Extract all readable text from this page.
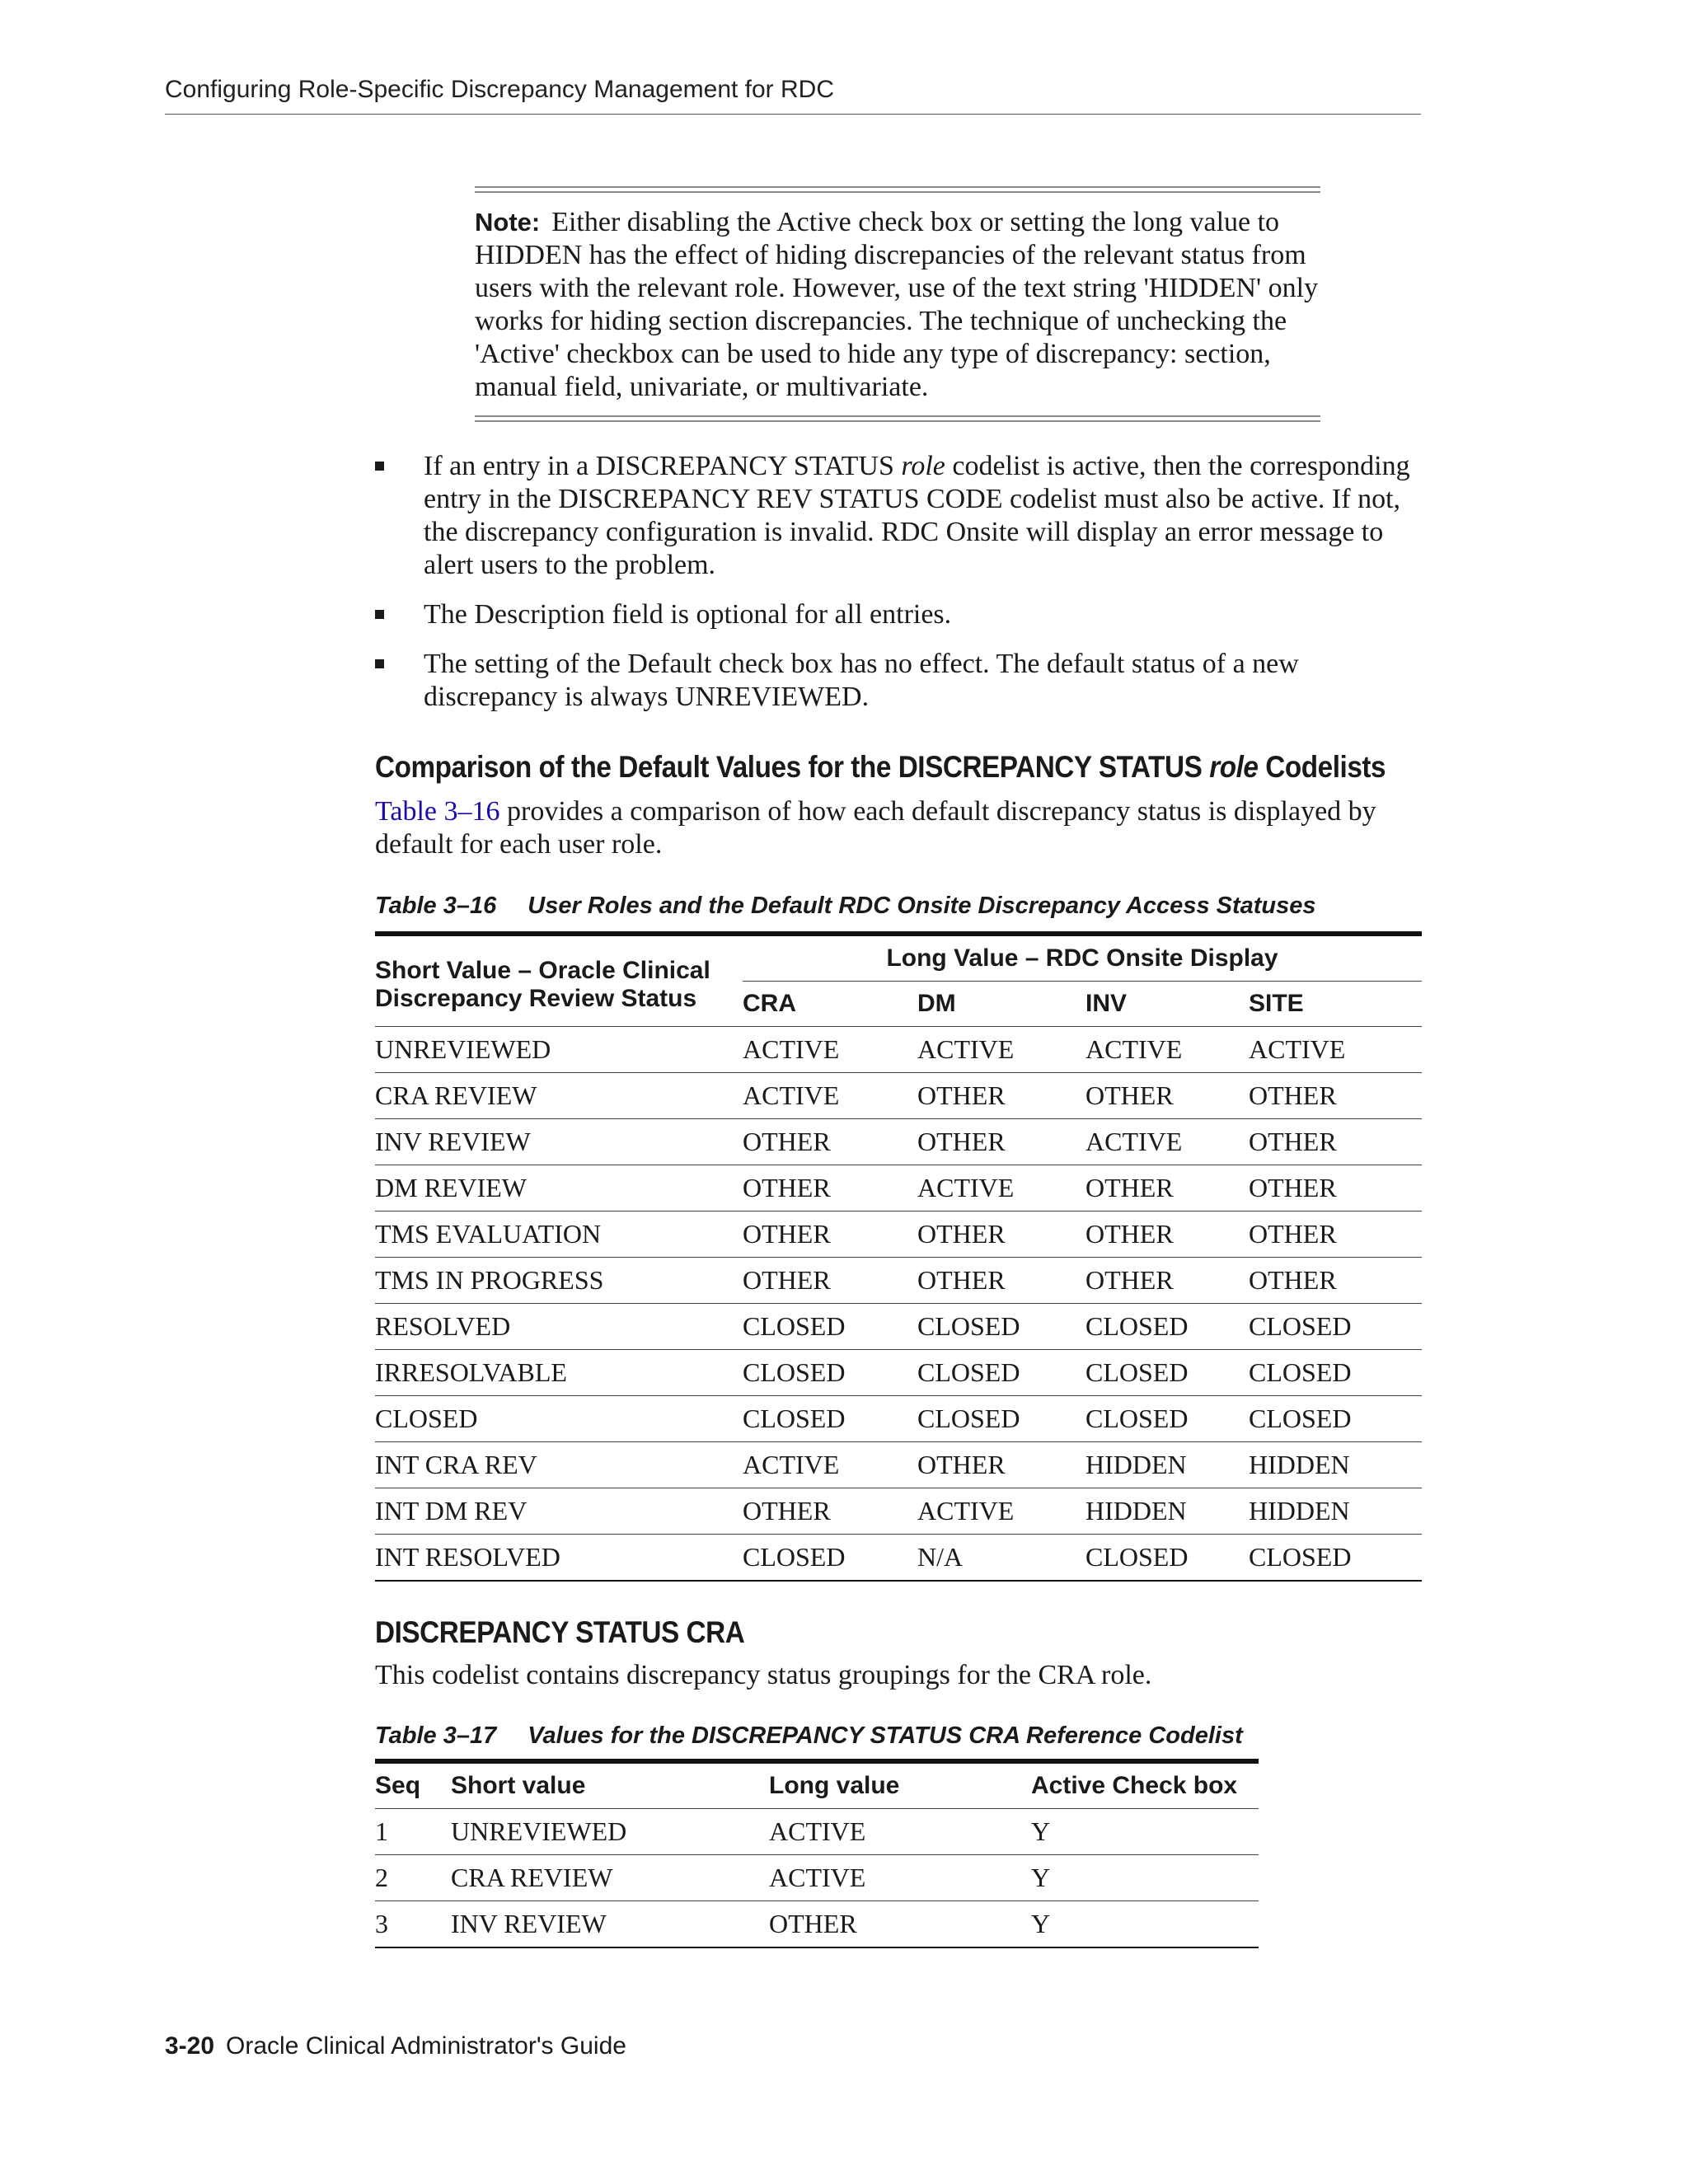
Configuring Role-Specific Discrepancy Management for RDC
Note: Either disabling the Active check box or setting the long value to HIDDEN has the effect of hiding discrepancies of the relevant status from users with the relevant role. However, use of the text string 'HIDDEN' only works for hiding section discrepancies. The technique of unchecking the 'Active' checkbox can be used to hide any type of discrepancy: section, manual field, univariate, or multivariate.
If an entry in a DISCREPANCY STATUS role codelist is active, then the corresponding entry in the DISCREPANCY REV STATUS CODE codelist must also be active. If not, the discrepancy configuration is invalid. RDC Onsite will display an error message to alert users to the problem.
The Description field is optional for all entries.
The setting of the Default check box has no effect. The default status of a new discrepancy is always UNREVIEWED.
Comparison of the Default Values for the DISCREPANCY STATUS role Codelists
Table 3–16 provides a comparison of how each default discrepancy status is displayed by default for each user role.
Table 3–16 User Roles and the Default RDC Onsite Discrepancy Access Statuses
Short Value – Oracle Clinical
Discrepancy Review Status	Long Value – RDC Onsite Display			
	CRA	DM	INV	SITE
UNREVIEWED	ACTIVE	ACTIVE	ACTIVE	ACTIVE
CRA REVIEW	ACTIVE	OTHER	OTHER	OTHER
INV REVIEW	OTHER	OTHER	ACTIVE	OTHER
DM REVIEW	OTHER	ACTIVE	OTHER	OTHER
TMS EVALUATION	OTHER	OTHER	OTHER	OTHER
TMS IN PROGRESS	OTHER	OTHER	OTHER	OTHER
RESOLVED	CLOSED	CLOSED	CLOSED	CLOSED
IRRESOLVABLE	CLOSED	CLOSED	CLOSED	CLOSED
CLOSED	CLOSED	CLOSED	CLOSED	CLOSED
INT CRA REV	ACTIVE	OTHER	HIDDEN	HIDDEN
INT DM REV	OTHER	ACTIVE	HIDDEN	HIDDEN
INT RESOLVED	CLOSED	N/A	CLOSED	CLOSED
DISCREPANCY STATUS CRA
This codelist contains discrepancy status groupings for the CRA role.
Table 3–17 Values for the DISCREPANCY STATUS CRA Reference Codelist
Seq	Short value	Long value	Active Check box
1	UNREVIEWED	ACTIVE	Y
2	CRA REVIEW	ACTIVE	Y
3	INV REVIEW	OTHER	Y
3-20 Oracle Clinical Administrator's Guide
